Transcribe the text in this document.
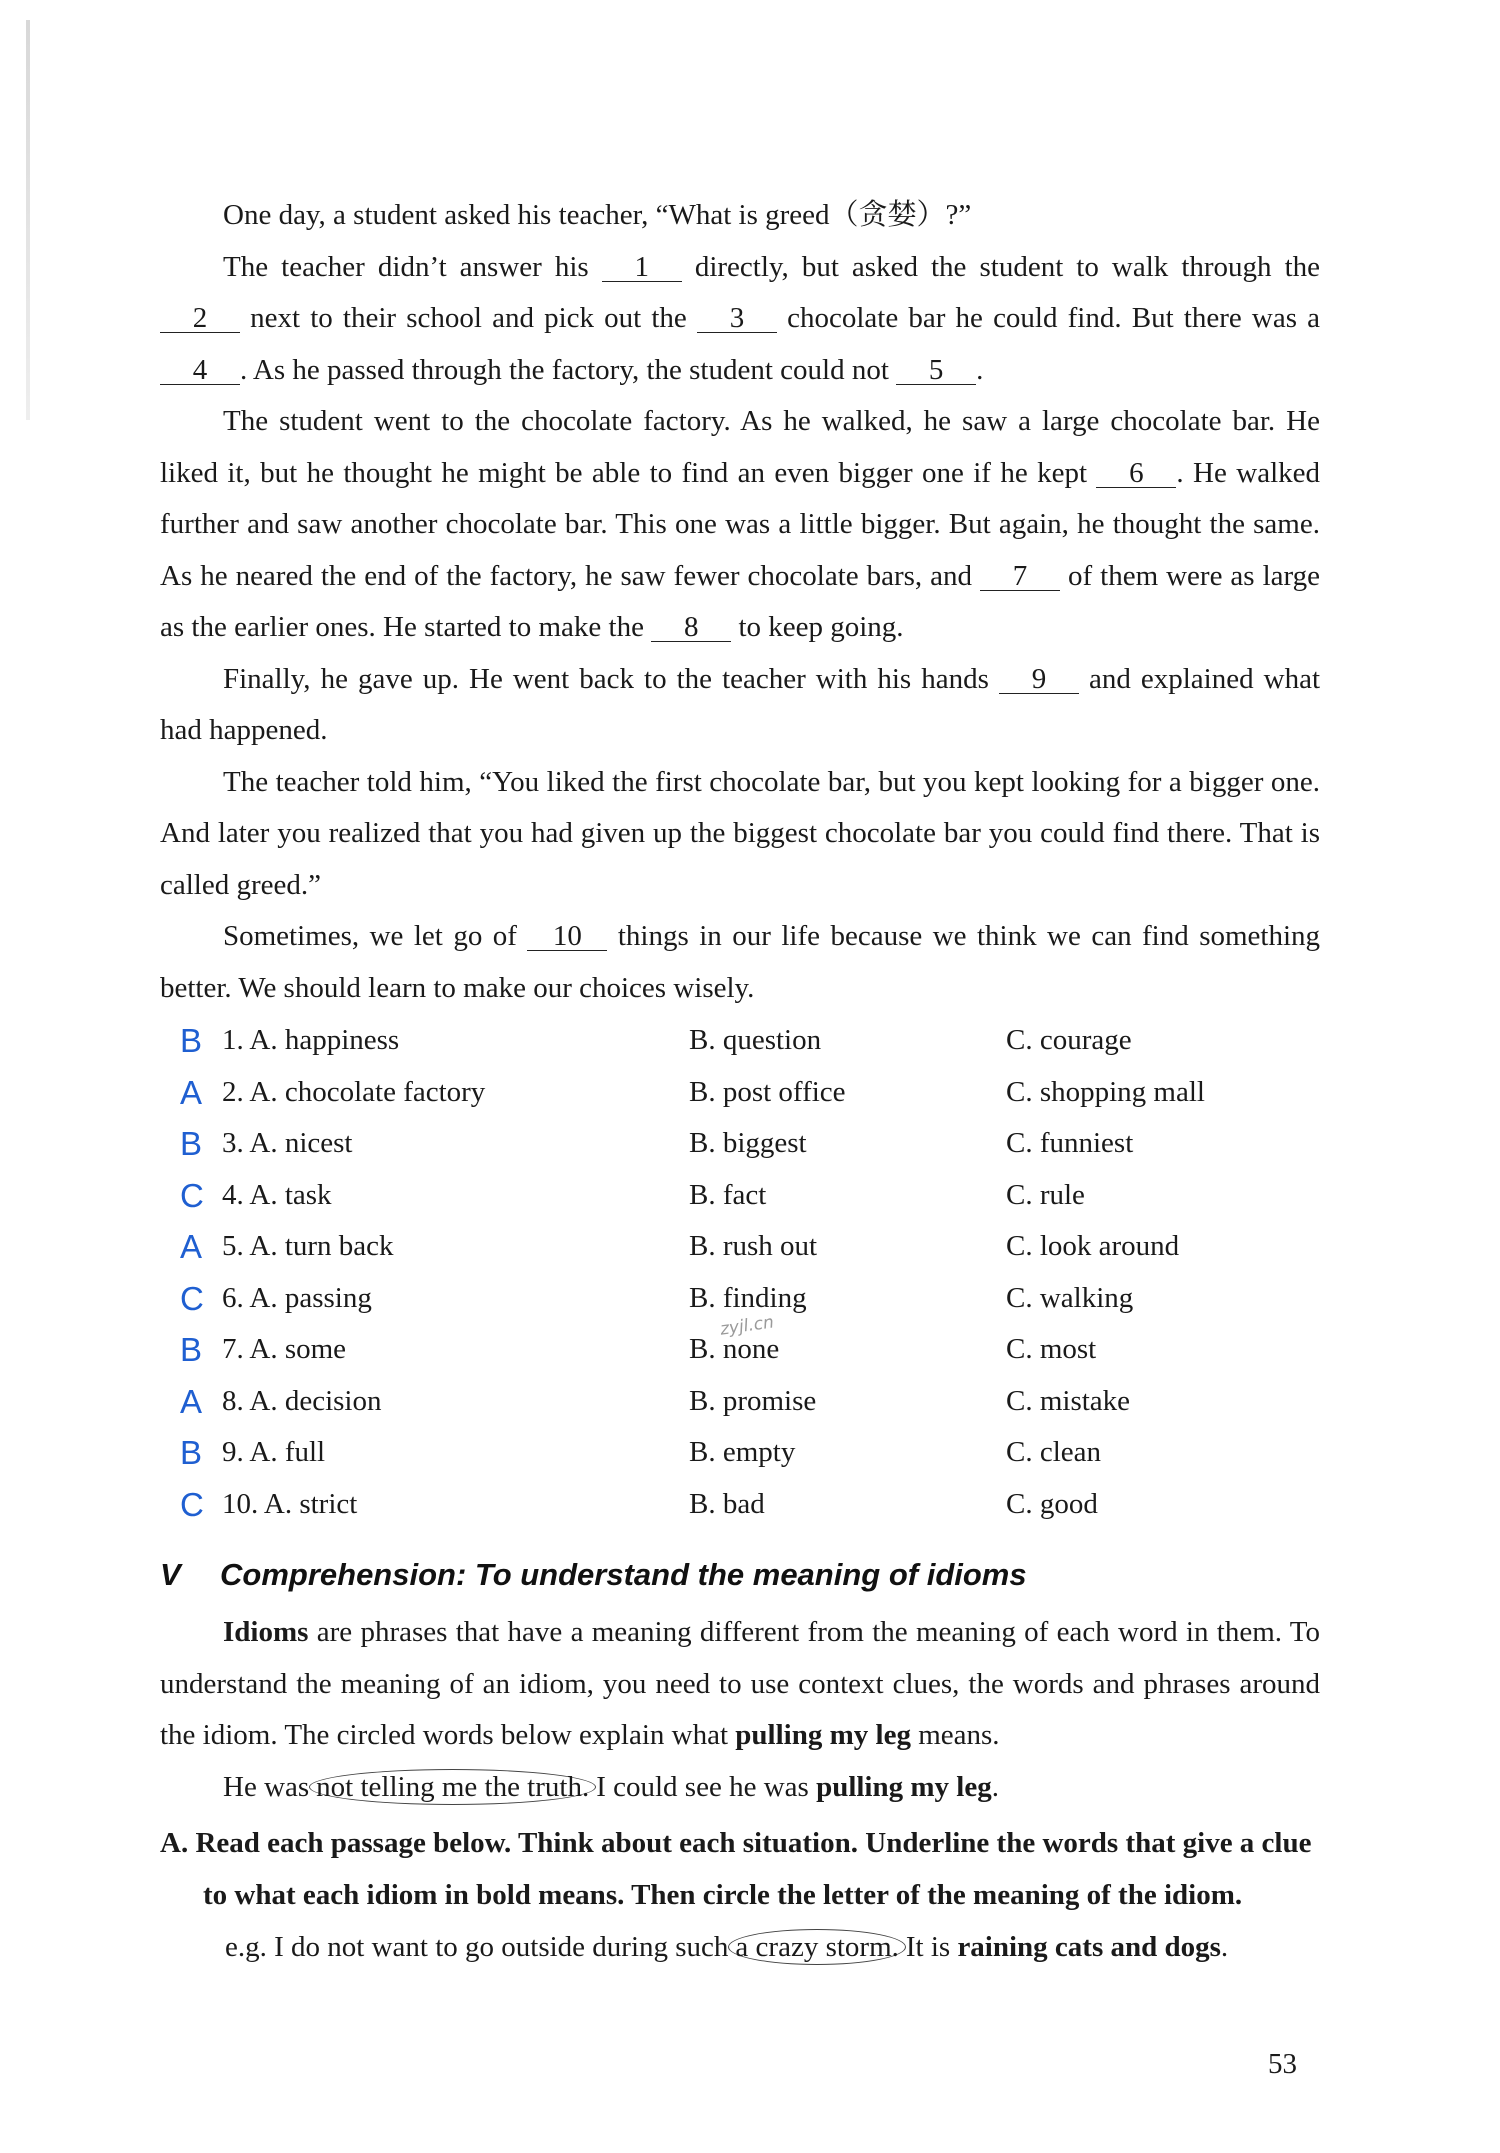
One day, a student asked his teacher, “What is greed（贪婪）?”

The teacher didn’t answer his 1 directly, but asked the student to walk through the 2 next to their school and pick out the 3 chocolate bar he could find. But there was a 4 . As he passed through the factory, the student could not 5 .

The student went to the chocolate factory. As he walked, he saw a large chocolate bar. He liked it, but he thought he might be able to find an even bigger one if he kept 6 . He walked further and saw another chocolate bar. This one was a little bigger. But again, he thought the same. As he neared the end of the factory, he saw fewer chocolate bars, and 7 of them were as large as the earlier ones. He started to make the 8 to keep going.

Finally, he gave up. He went back to the teacher with his hands 9 and explained what had happened.

The teacher told him, “You liked the first chocolate bar, but you kept looking for a bigger one. And later you realized that you had given up the biggest chocolate bar you could find there. That is called greed.”

Sometimes, we let go of 10 things in our life because we think we can find something better. We should learn to make our choices wisely.

B 1. A. happiness	B. question	C. courage
A 2. A. chocolate factory	B. post office	C. shopping mall
B 3. A. nicest	B. biggest	C. funniest
C 4. A. task	B. fact	C. rule
A 5. A. turn back	B. rush out	C. look around
C 6. A. passing	B. finding	C. walking
B 7. A. some	B. none	C. most
A 8. A. decision	B. promise	C. mistake
B 9. A. full	B. empty	C. clean
C 10. A. strict	B. bad	C. good
zyjl.cn
V Comprehension: To understand the meaning of idioms

Idioms are phrases that have a meaning different from the meaning of each word in them. To understand the meaning of an idiom, you need to use context clues, the words and phrases around the idiom. The circled words below explain what pulling my leg means.

He was not telling me the truth. I could see he was pulling my leg.

A. Read each passage below. Think about each situation. Underline the words that give a clue to what each idiom in bold means. Then circle the letter of the meaning of the idiom.

e.g. I do not want to go outside during such a crazy storm. It is raining cats and dogs.
53
